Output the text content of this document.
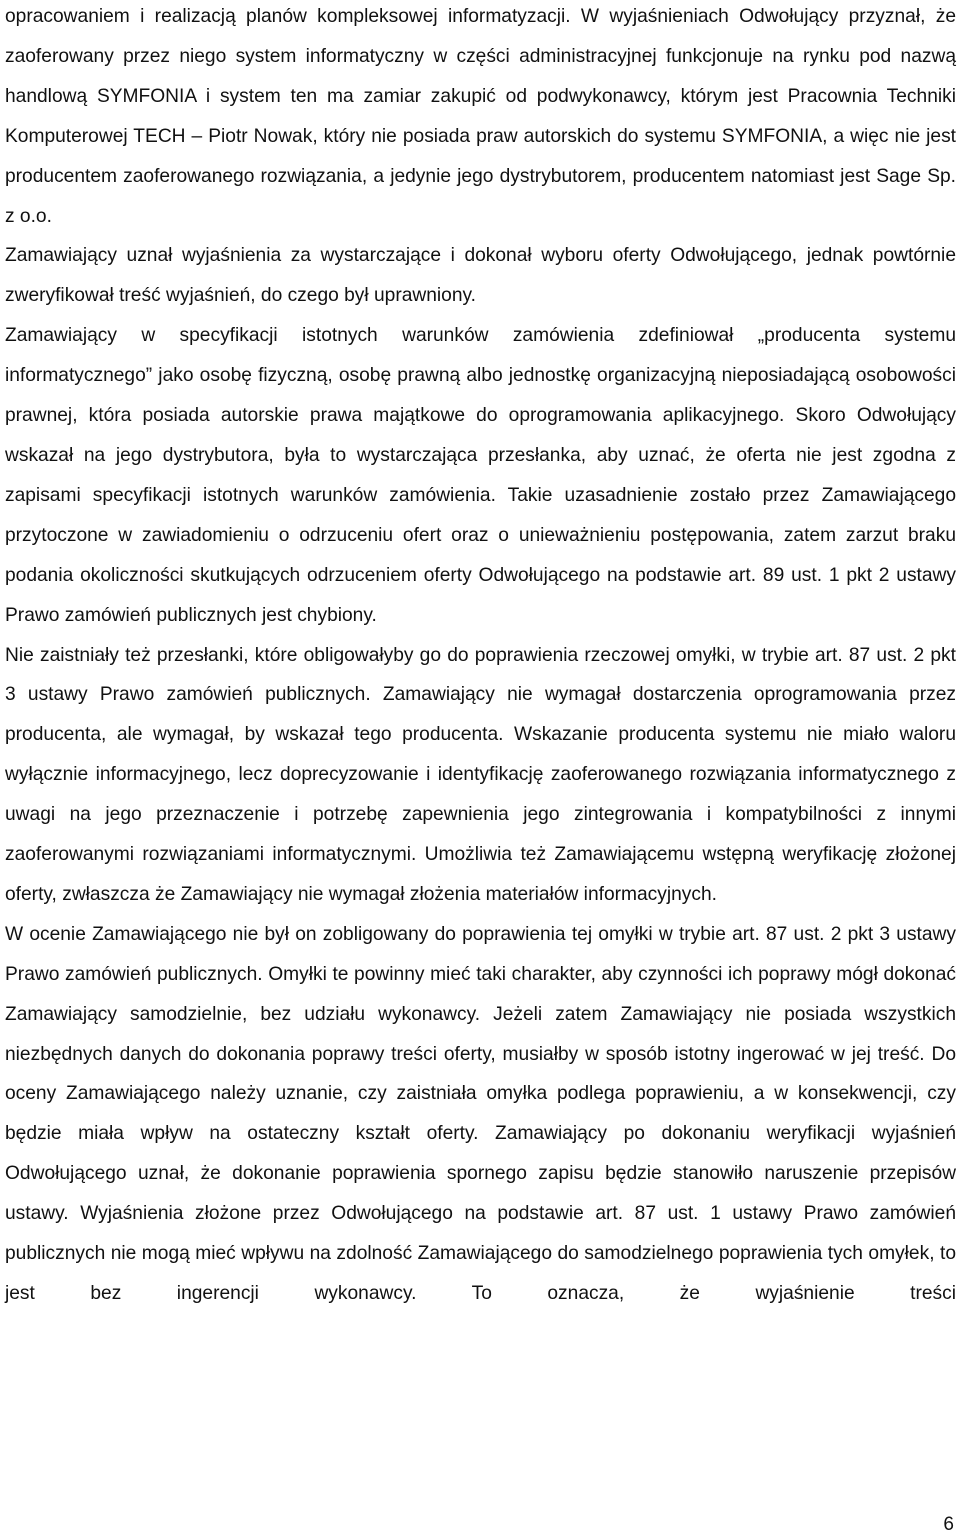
opracowaniem i realizacją planów kompleksowej informatyzacji. W wyjaśnieniach Odwołujący przyznał, że zaoferowany przez niego system informatyczny w części administracyjnej funkcjonuje na rynku pod nazwą handlową SYMFONIA i system ten ma zamiar zakupić od podwykonawcy, którym jest Pracownia Techniki Komputerowej TECH – Piotr Nowak, który nie posiada praw autorskich do systemu SYMFONIA, a więc nie jest producentem zaoferowanego rozwiązania, a jedynie jego dystrybutorem, producentem natomiast jest Sage Sp. z o.o.

Zamawiający uznał wyjaśnienia za wystarczające i dokonał wyboru oferty Odwołującego, jednak powtórnie zweryfikował treść wyjaśnień, do czego był uprawniony.

Zamawiający w specyfikacji istotnych warunków zamówienia zdefiniował „producenta systemu informatycznego” jako osobę fizyczną, osobę prawną albo jednostkę organizacyjną nieposiadającą osobowości prawnej, która posiada autorskie prawa majątkowe do oprogramowania aplikacyjnego. Skoro Odwołujący wskazał na jego dystrybutora, była to wystarczająca przesłanka, aby uznać, że oferta nie jest zgodna z zapisami specyfikacji istotnych warunków zamówienia. Takie uzasadnienie zostało przez Zamawiającego przytoczone w zawiadomieniu o odrzuceniu ofert oraz o unieważnieniu postępowania, zatem zarzut braku podania okoliczności skutkujących odrzuceniem oferty Odwołującego na podstawie art. 89 ust. 1 pkt 2 ustawy Prawo zamówień publicznych jest chybiony.

Nie zaistniały też przesłanki, które obligowałyby go do poprawienia rzeczowej omyłki, w trybie art. 87 ust. 2 pkt 3 ustawy Prawo zamówień publicznych. Zamawiający nie wymagał dostarczenia oprogramowania przez producenta, ale wymagał, by wskazał tego producenta. Wskazanie producenta systemu nie miało waloru wyłącznie informacyjnego, lecz doprecyzowanie i identyfikację zaoferowanego rozwiązania informatycznego z uwagi na jego przeznaczenie i potrzebę zapewnienia jego zintegrowania i kompatybilności z innymi zaoferowanymi rozwiązaniami informatycznymi. Umożliwia też Zamawiającemu wstępną weryfikację złożonej oferty, zwłaszcza że Zamawiający nie wymagał złożenia materiałów informacyjnych.

W ocenie Zamawiającego nie był on zobligowany do poprawienia tej omyłki w trybie art. 87 ust. 2 pkt 3 ustawy Prawo zamówień publicznych. Omyłki te powinny mieć taki charakter, aby czynności ich poprawy mógł dokonać Zamawiający samodzielnie, bez udziału wykonawcy. Jeżeli zatem Zamawiający nie posiada wszystkich niezbędnych danych do dokonania poprawy treści oferty, musiałby w sposób istotny ingerować w jej treść. Do oceny Zamawiającego należy uznanie, czy zaistniała omyłka podlega poprawieniu, a w konsekwencji, czy będzie miała wpływ na ostateczny kształt oferty. Zamawiający po dokonaniu weryfikacji wyjaśnień Odwołującego uznał, że dokonanie poprawienia spornego zapisu będzie stanowiło naruszenie przepisów ustawy. Wyjaśnienia złożone przez Odwołującego na podstawie art. 87 ust. 1 ustawy Prawo zamówień publicznych nie mogą mieć wpływu na zdolność Zamawiającego do samodzielnego poprawienia tych omyłek, to jest bez ingerencji wykonawcy. To oznacza, że wyjaśnienie treści

6
